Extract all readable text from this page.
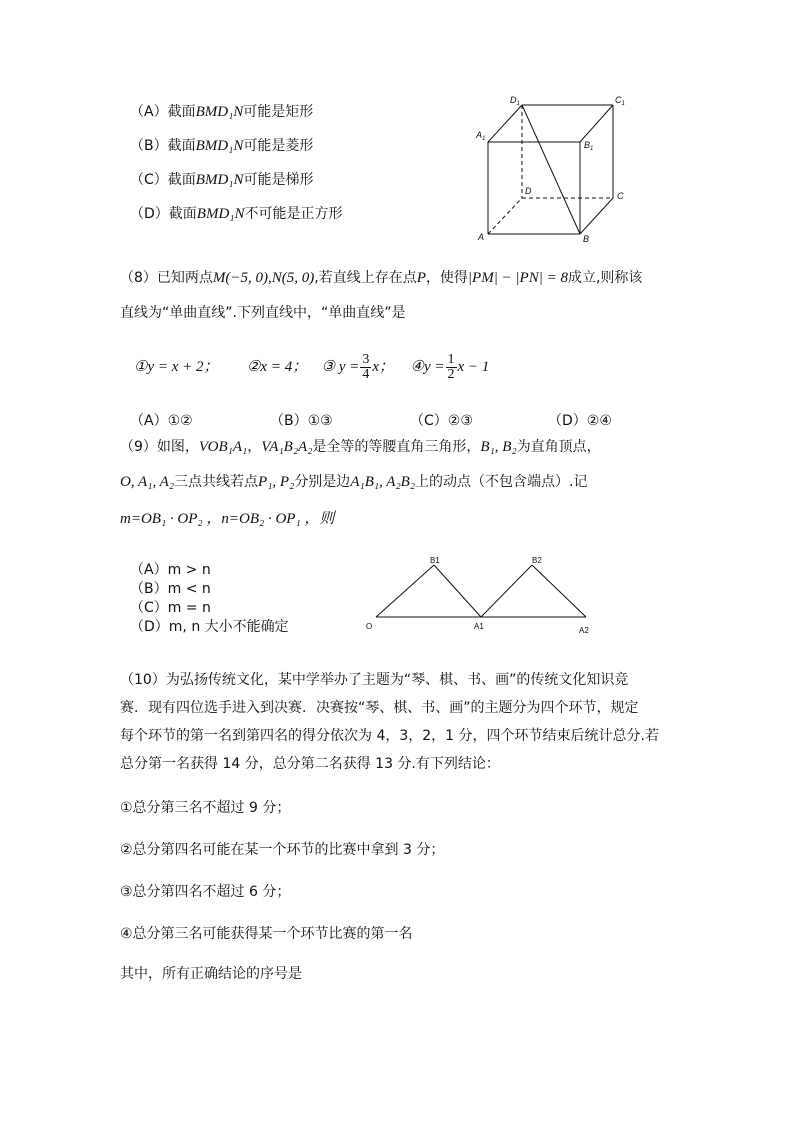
（A）截面BMD₁N可能是矩形
（B）截面BMD₁N可能是菱形
（C）截面BMD₁N可能是梯形
（D）截面BMD₁N不可能是正方形
$D_1$	$C_1$
$A_1$
$B_1$
D	C
A	B
（8）已知两点M(−5, 0),N(5, 0),若直线上存在点P，使得|PM| − |PN| = 8成立,则称该
直线为“单曲直线”.下列直线中，“单曲直线”是
①y = x + 2； ②x = 4； ③ $y = \frac{3}{4}$ x； ④y = $\frac{1}{2}$ x − 1
（A）①②	（B）①③	（C）②③	（D）②④
（9）如图，VOB₁A₁，VA₁B₂A₂是全等的等腰直角三角形，B₁, B₂为直角顶点，
O, A₁, A₂三点共线若点P₁, P₂分别是边A₁B₁, A₂B₂上的动点（不包含端点）.记
m=OB₁ · OP₂ ，n=OB₂ · OP₁ ，则
（A）m > n
（B）m < n
（C）m = n
（D）m, n 大小不能确定	O	A1	A2
B1	B2
（10）为弘扬传统文化，某中学举办了主题为“琴、棋、书、画”的传统文化知识竞
赛．现有四位选手进入到决赛．决赛按“琴、棋、书、画”的主题分为四个环节，规定
每个环节的第一名到第四名的得分依次为 4，3，2，1 分，四个环节结束后统计总分.若
总分第一名获得 14 分，总分第二名获得 13 分.有下列结论：
①总分第三名不超过 9 分；
②总分第四名可能在某一个环节的比赛中拿到 3 分；
③总分第四名不超过 6 分；
④总分第三名可能获得某一个环节比赛的第一名
其中，所有正确结论的序号是
